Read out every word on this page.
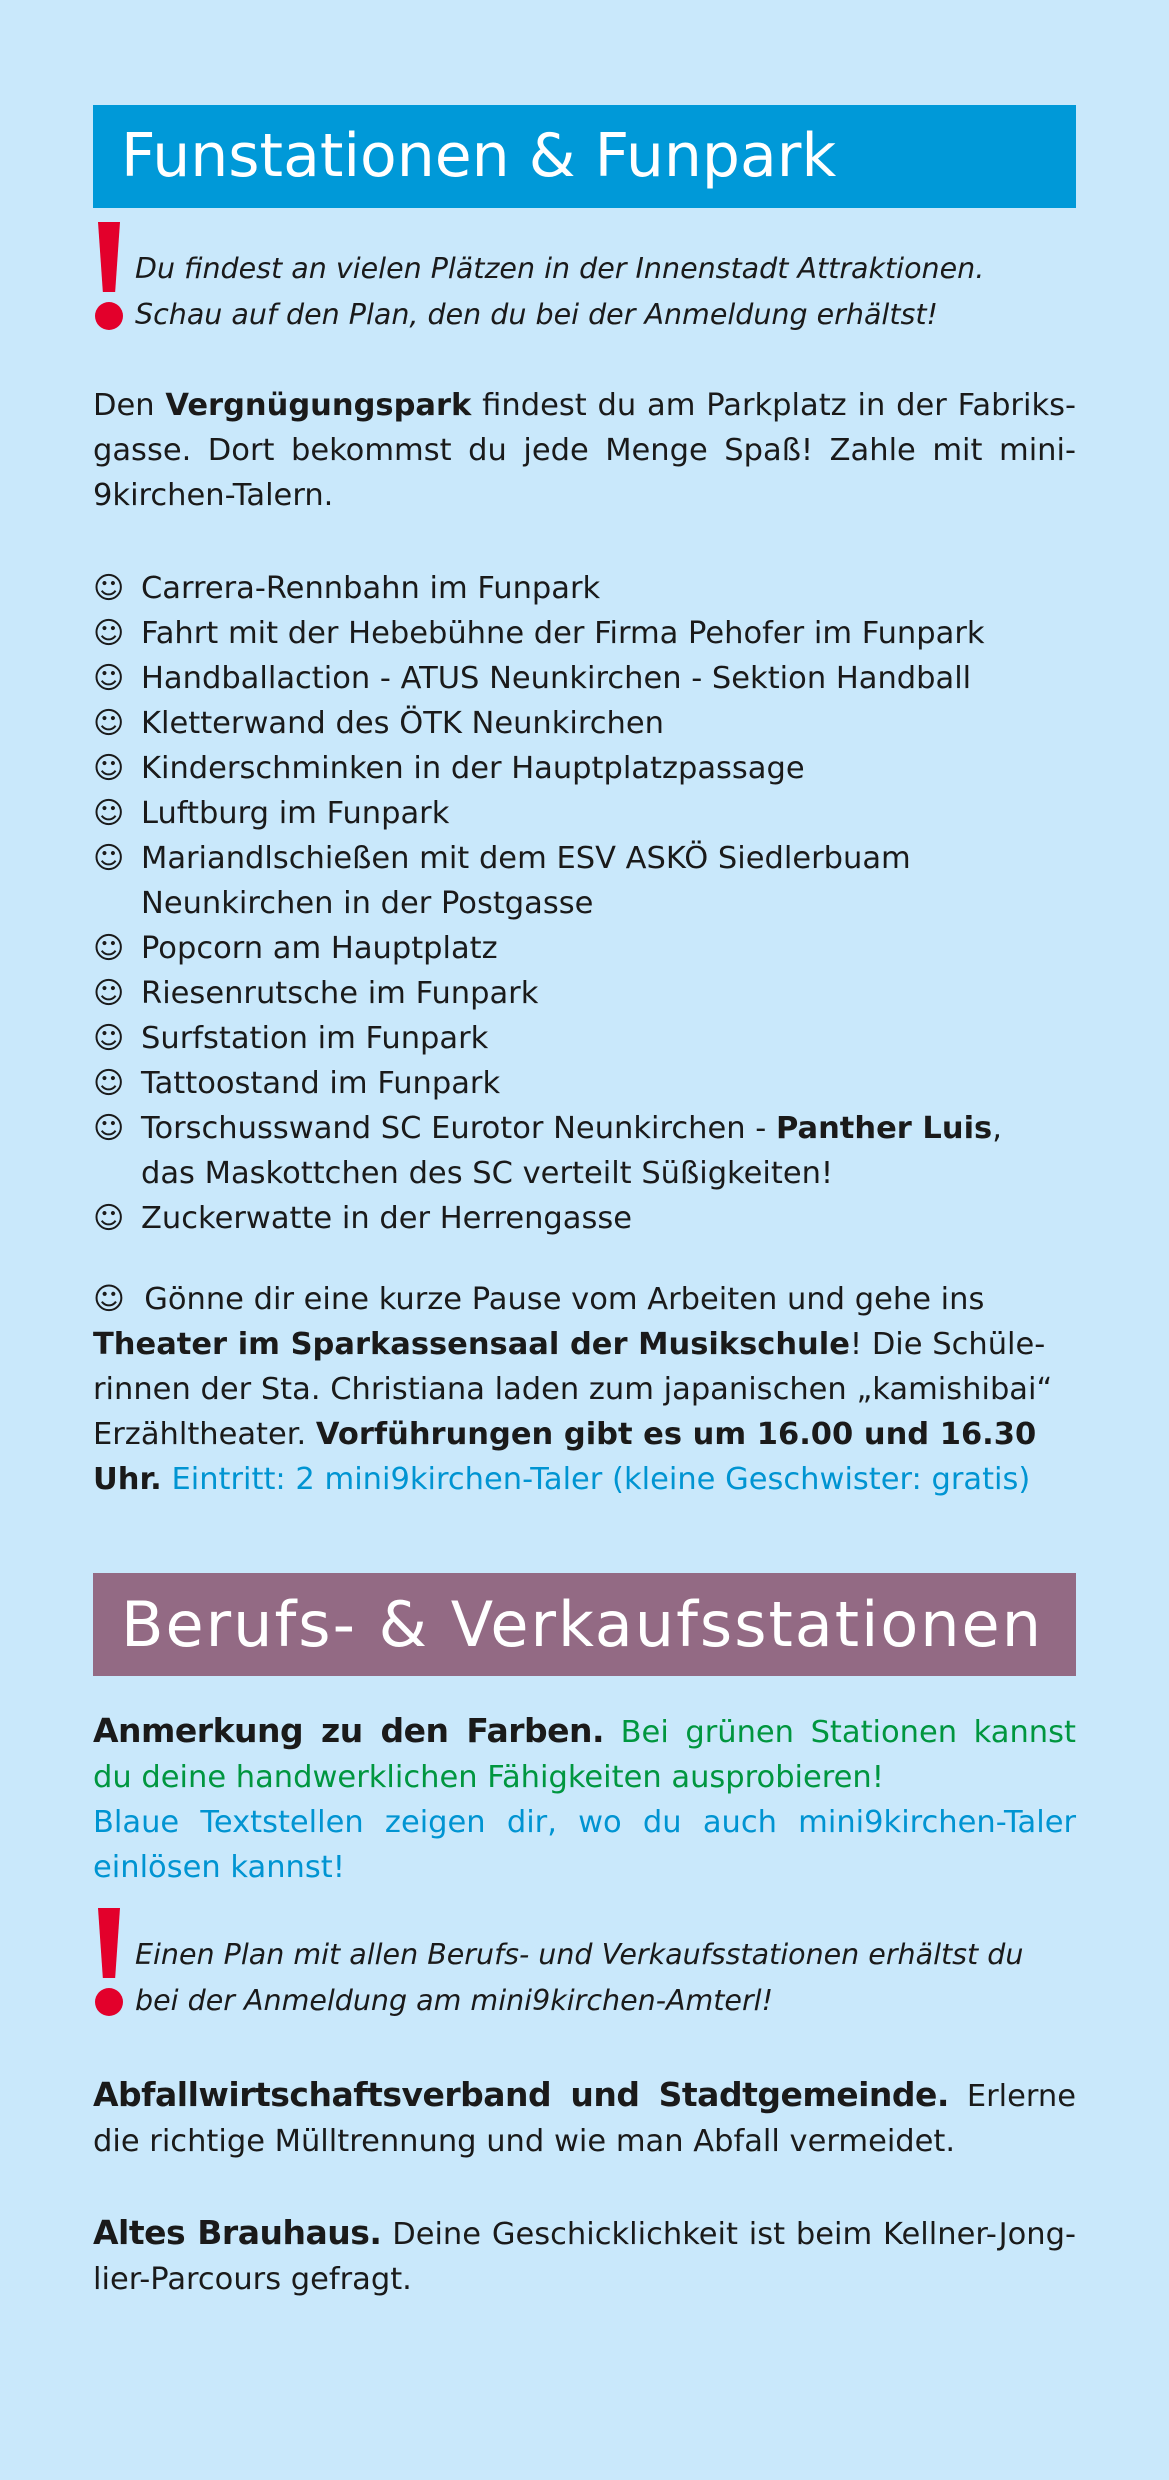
Funstationen & Funpark
Du findest an vielen Plätzen in der Innenstadt Attraktionen.
Schau auf den Plan, den du bei der Anmeldung erhältst!
Den Vergnügungspark findest du am Parkplatz in der Fabriks-gasse. Dort bekommst du jede Menge Spaß! Zahle mit mini-9kirchen-Talern.
☺ Carrera-Rennbahn im Funpark
☺ Fahrt mit der Hebebühne der Firma Pehofer im Funpark
☺ Handballaction - ATUS Neunkirchen - Sektion Handball
☺ Kletterwand des ÖTK Neunkirchen
☺ Kinderschminken in der Hauptplatzpassage
☺ Luftburg im Funpark
☺ Mariandlschießen mit dem ESV ASKÖ Siedlerbuam
Neunkirchen in der Postgasse
☺ Popcorn am Hauptplatz
☺ Riesenrutsche im Funpark
☺ Surfstation im Funpark
☺ Tattoostand im Funpark
☺ Torschusswand SC Eurotor Neunkirchen - Panther Luis,
das Maskottchen des SC verteilt Süßigkeiten!
☺ Zuckerwatte in der Herrengasse
☺ Gönne dir eine kurze Pause vom Arbeiten und gehe ins Theater im Sparkassensaal der Musikschule! Die Schüle-rinnen der Sta. Christiana laden zum japanischen „kamishibai“ Erzähltheater. Vorführungen gibt es um 16.00 und 16.30 Uhr. Eintritt: 2 mini9kirchen-Taler (kleine Geschwister: gratis)
Berufs- & Verkaufsstationen
Anmerkung zu den Farben. Bei grünen Stationen kannst du deine handwerklichen Fähigkeiten ausprobieren!
Blaue Textstellen zeigen dir, wo du auch mini9kirchen-Taler einlösen kannst!
Einen Plan mit allen Berufs- und Verkaufsstationen erhältst du
bei der Anmeldung am mini9kirchen-Amterl!
Abfallwirtschaftsverband und Stadtgemeinde. Erlerne die richtige Mülltrennung und wie man Abfall vermeidet.
Altes Brauhaus. Deine Geschicklichkeit ist beim Kellner-Jong-lier-Parcours gefragt.
